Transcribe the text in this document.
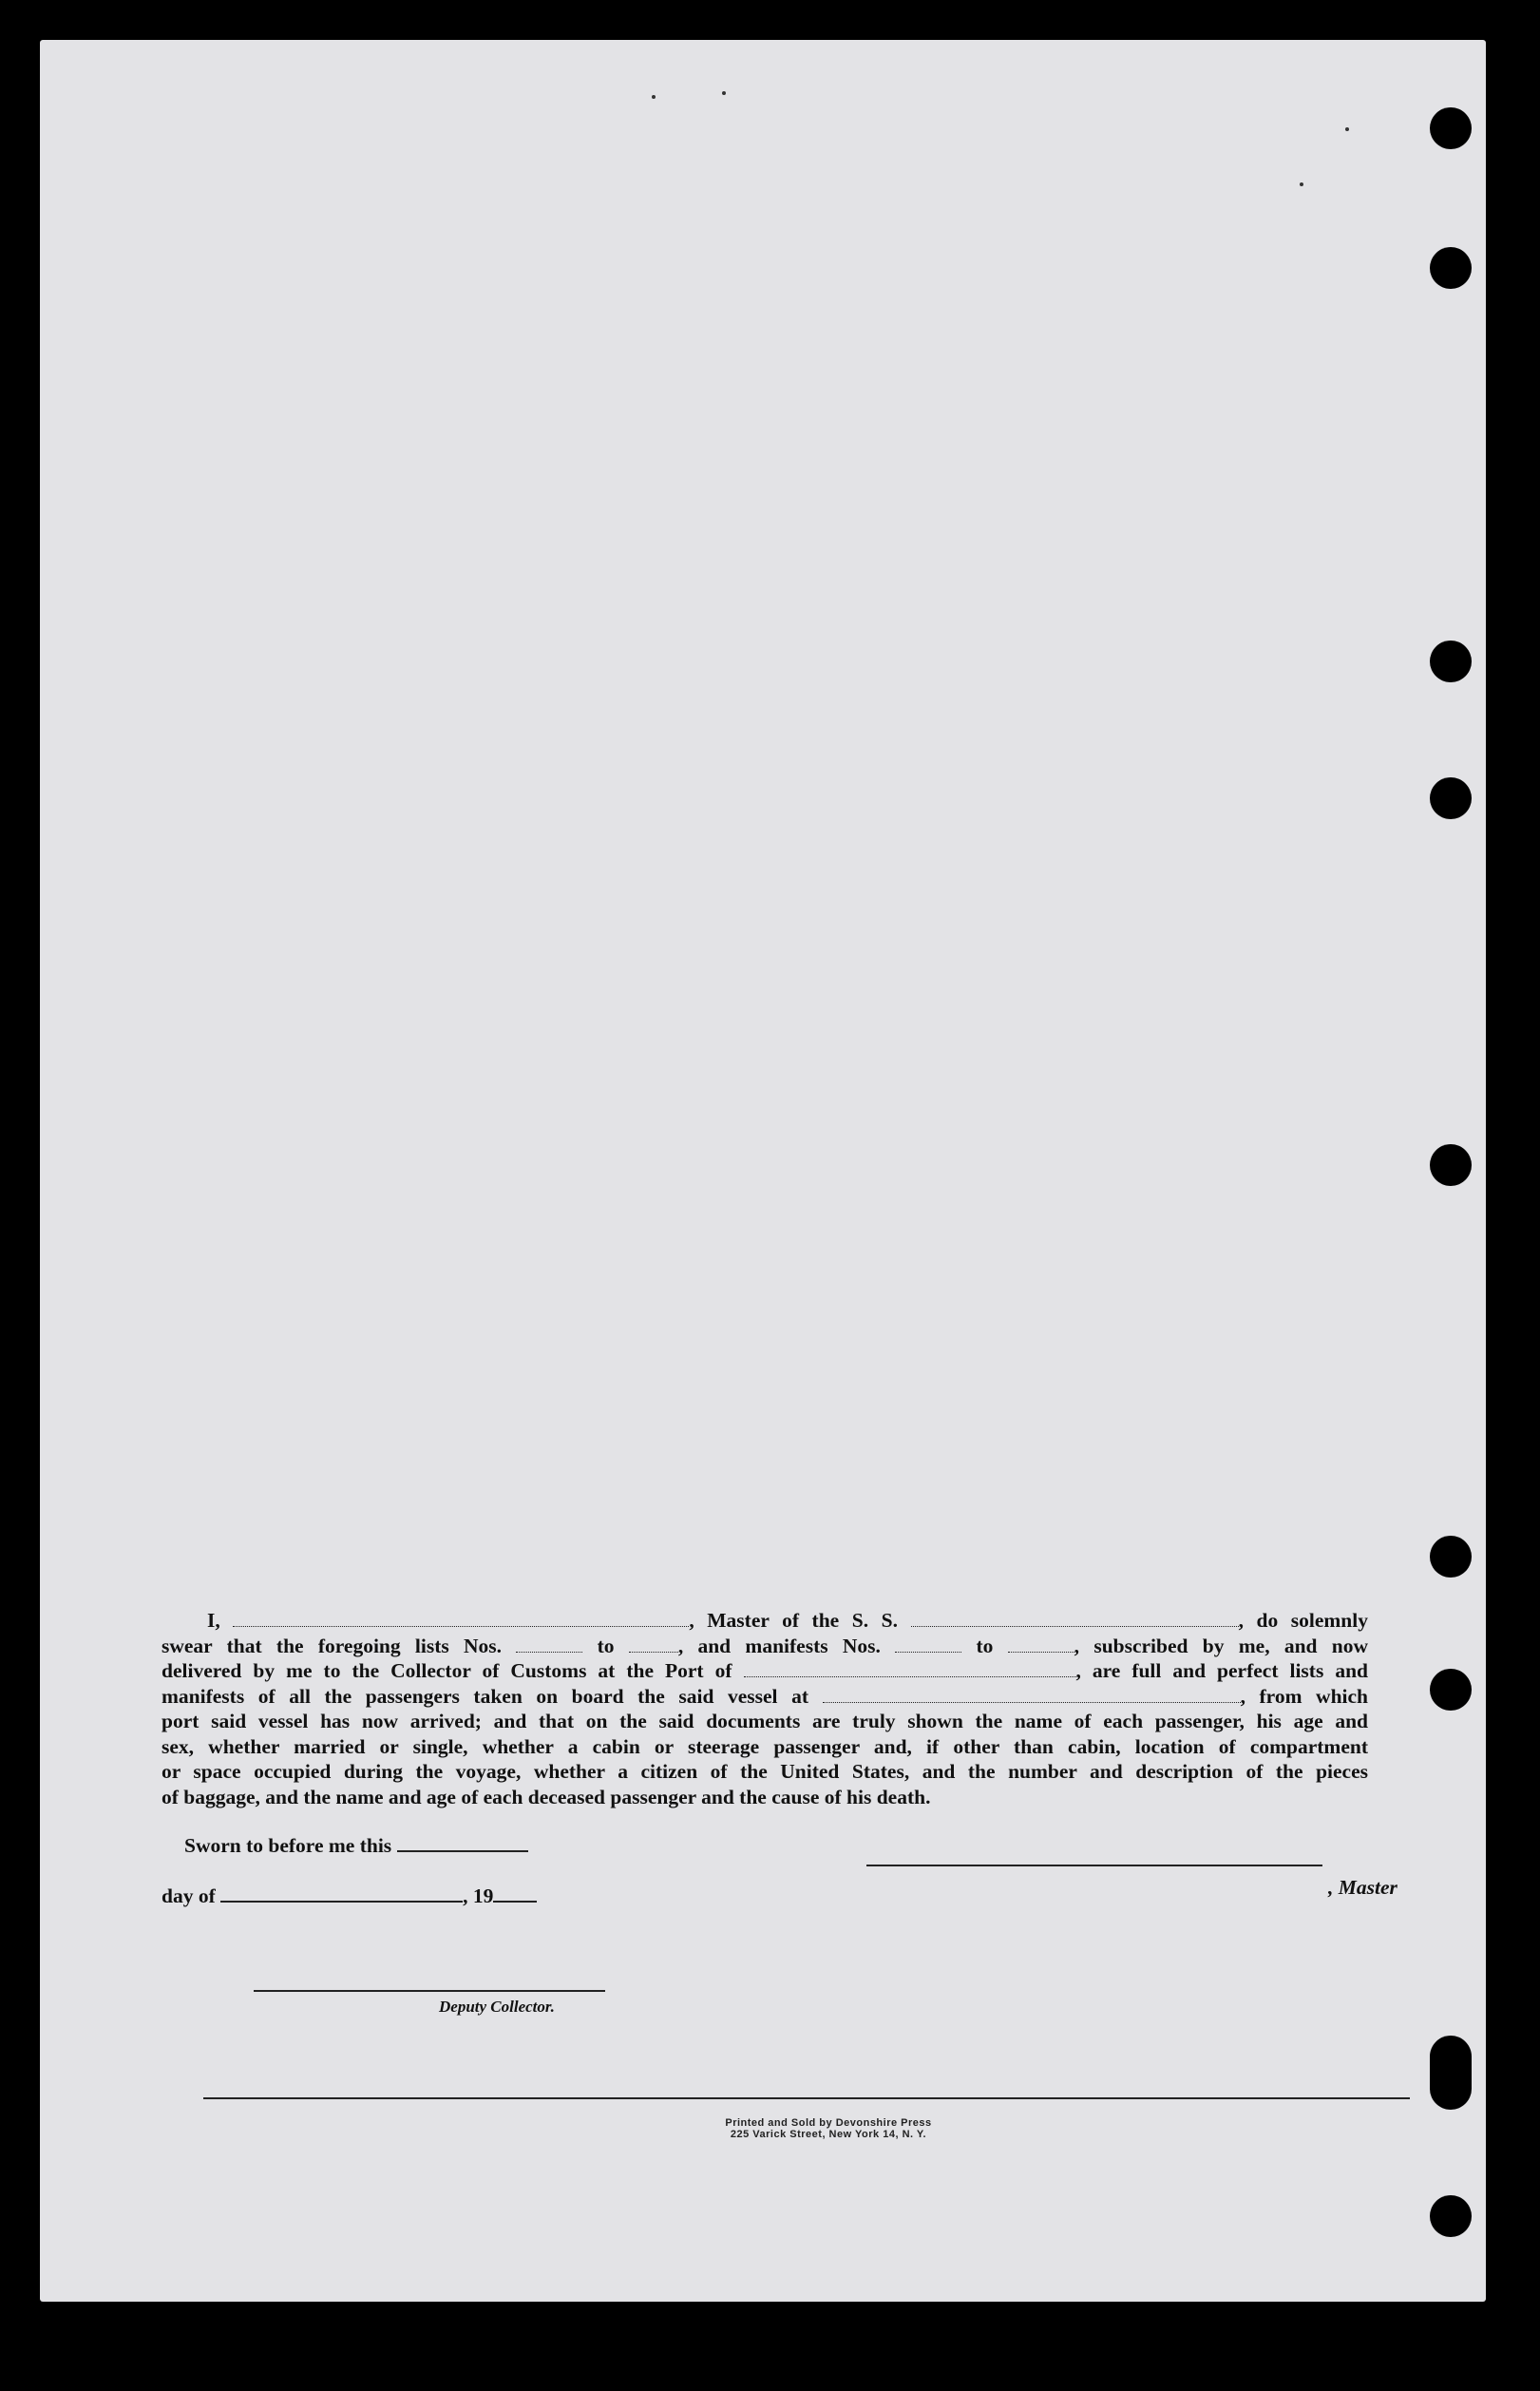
I,	, Master of the S. S.	, do solemnly
swear that the foregoing lists Nos.	to	, and manifests Nos.	to	, subscribed by me, and now
delivered by me to the Collector of Customs at the Port of	, are full and perfect lists and
manifests of all the passengers taken on board the said vessel at	, from which
port said vessel has now arrived; and that on the said documents are truly shown the name of each passenger, his age and
sex, whether married or single, whether a cabin or steerage passenger and, if other than cabin, location of compartment
or space occupied during the voyage, whether a citizen of the United States, and the number and description of the pieces
of baggage, and the name and age of each deceased passenger and the cause of his death.
Sworn to before me this
, Master
day of	, 19
Deputy Collector.
Printed and Sold by Devonshire Press
225 Varick Street, New York 14, N. Y.
